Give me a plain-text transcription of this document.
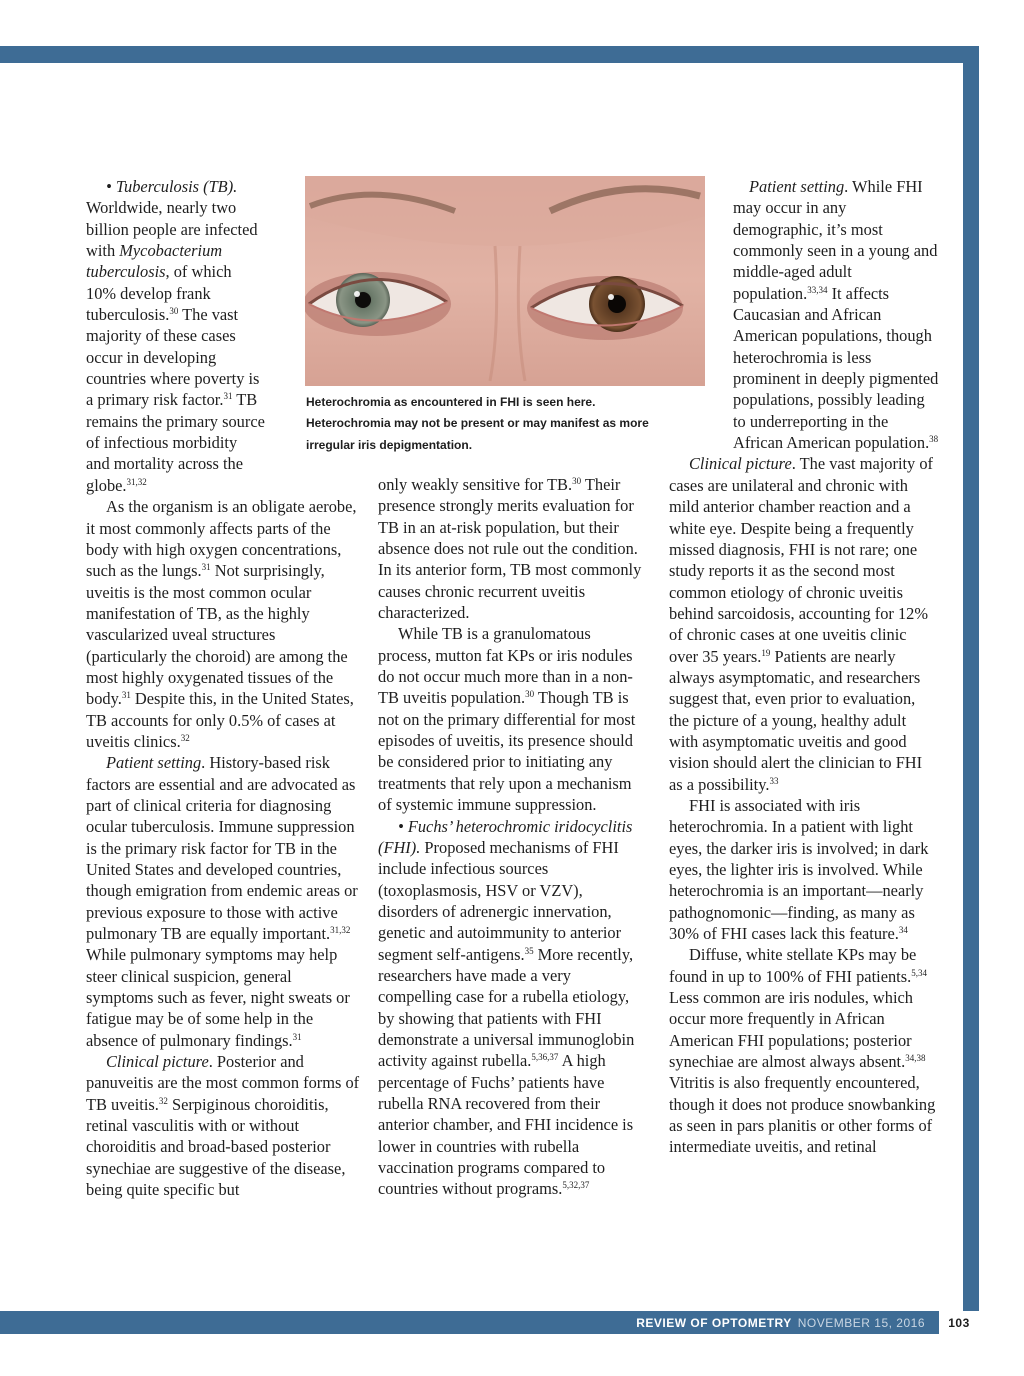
REVIEW OF OPTOMETRY NOVEMBER 15, 2016	103

• Tuberculosis (TB).
Worldwide, nearly two
billion people are infected
with Mycobacterium
tuberculosis, of which
10% develop frank
tuberculosis.$^{30}$ The vast
majority of these cases
occur in developing
countries where poverty is
a primary risk factor.$^{31}$ TB
remains the primary source
of infectious morbidity
and mortality across the
globe.$^{31,32}$

As the organism is an obligate aerobe, it most commonly affects parts of the body with high oxygen concentrations, such as the lungs.$^{31}$ Not surprisingly, uveitis is the most common ocular manifestation of TB, as the highly vascularized uveal structures (particularly the choroid) are among the most highly oxygenated tissues of the body.$^{31}$ Despite this, in the United States, TB accounts for only 0.5% of cases at uveitis clinics.$^{32}$

Patient setting. History-based risk factors are essential and are advocated as part of clinical criteria for diagnosing ocular tuberculosis. Immune suppression is the primary risk factor for TB in the United States and developed countries, though emigration from endemic areas or previous exposure to those with active pulmonary TB are equally important.$^{31,32}$ While pulmonary symptoms may help steer clinical suspicion, general symptoms such as fever, night sweats or fatigue may be of some help in the absence of pulmonary findings.$^{31}$

Clinical picture. Posterior and panuveitis are the most common forms of TB uveitis.$^{32}$ Serpiginous choroiditis, retinal vasculitis with or without choroiditis and broad-based posterior synechiae are suggestive of the disease, being quite specific but

Heterochromia as encountered in FHI is seen here.
Heterochromia may not be present or may manifest as more
irregular iris depigmentation.

only weakly sensitive for TB.$^{30}$ Their presence strongly merits evaluation for TB in an at-risk population, but their absence does not rule out the condition. In its anterior form, TB most commonly causes chronic recurrent uveitis characterized.

While TB is a granulomatous process, mutton fat KPs or iris nodules do not occur much more than in a non-TB uveitis population.$^{30}$ Though TB is not on the primary differential for most episodes of uveitis, its presence should be considered prior to initiating any treatments that rely upon a mechanism of systemic immune suppression.

• Fuchs’ heterochromic iridocyclitis (FHI). Proposed mechanisms of FHI include infectious sources (toxoplasmosis, HSV or VZV), disorders of adrenergic innervation, genetic and autoimmunity to anterior segment self-antigens.$^{35}$ More recently, researchers have made a very compelling case for a rubella etiology, by showing that patients with FHI demonstrate a universal immunoglobin activity against rubella.$^{5,36,37}$ A high percentage of Fuchs’ patients have rubella RNA recovered from their anterior chamber, and FHI incidence is lower in countries with rubella vaccination programs compared to countries without programs.$^{5,32,37}$

Patient setting. While FHI may occur in any demographic, it’s most commonly seen in a young and middle-aged adult population.$^{33,34}$ It affects Caucasian and African American populations, though heterochromia is less prominent in deeply pigmented populations, possibly leading to underreporting in the African American population.$^{38}$

Clinical picture. The vast majority of cases are unilateral and chronic with mild anterior chamber reaction and a white eye. Despite being a frequently missed diagnosis, FHI is not rare; one study reports it as the second most common etiology of chronic uveitis behind sarcoidosis, accounting for 12% of chronic cases at one uveitis clinic over 35 years.$^{19}$ Patients are nearly always asymptomatic, and researchers suggest that, even prior to evaluation, the picture of a young, healthy adult with asymptomatic uveitis and good vision should alert the clinician to FHI as a possibility.$^{33}$

FHI is associated with iris heterochromia. In a patient with light eyes, the darker iris is involved; in dark eyes, the lighter iris is involved. While heterochromia is an important—nearly pathognomonic—finding, as many as 30% of FHI cases lack this feature.$^{34}$

Diffuse, white stellate KPs may be found in up to 100% of FHI patients.$^{5,34}$ Less common are iris nodules, which occur more frequently in African American FHI populations; posterior synechiae are almost always absent.$^{34,38}$ Vitritis is also frequently encountered, though it does not produce snowbanking as seen in pars planitis or other forms of intermediate uveitis, and retinal
